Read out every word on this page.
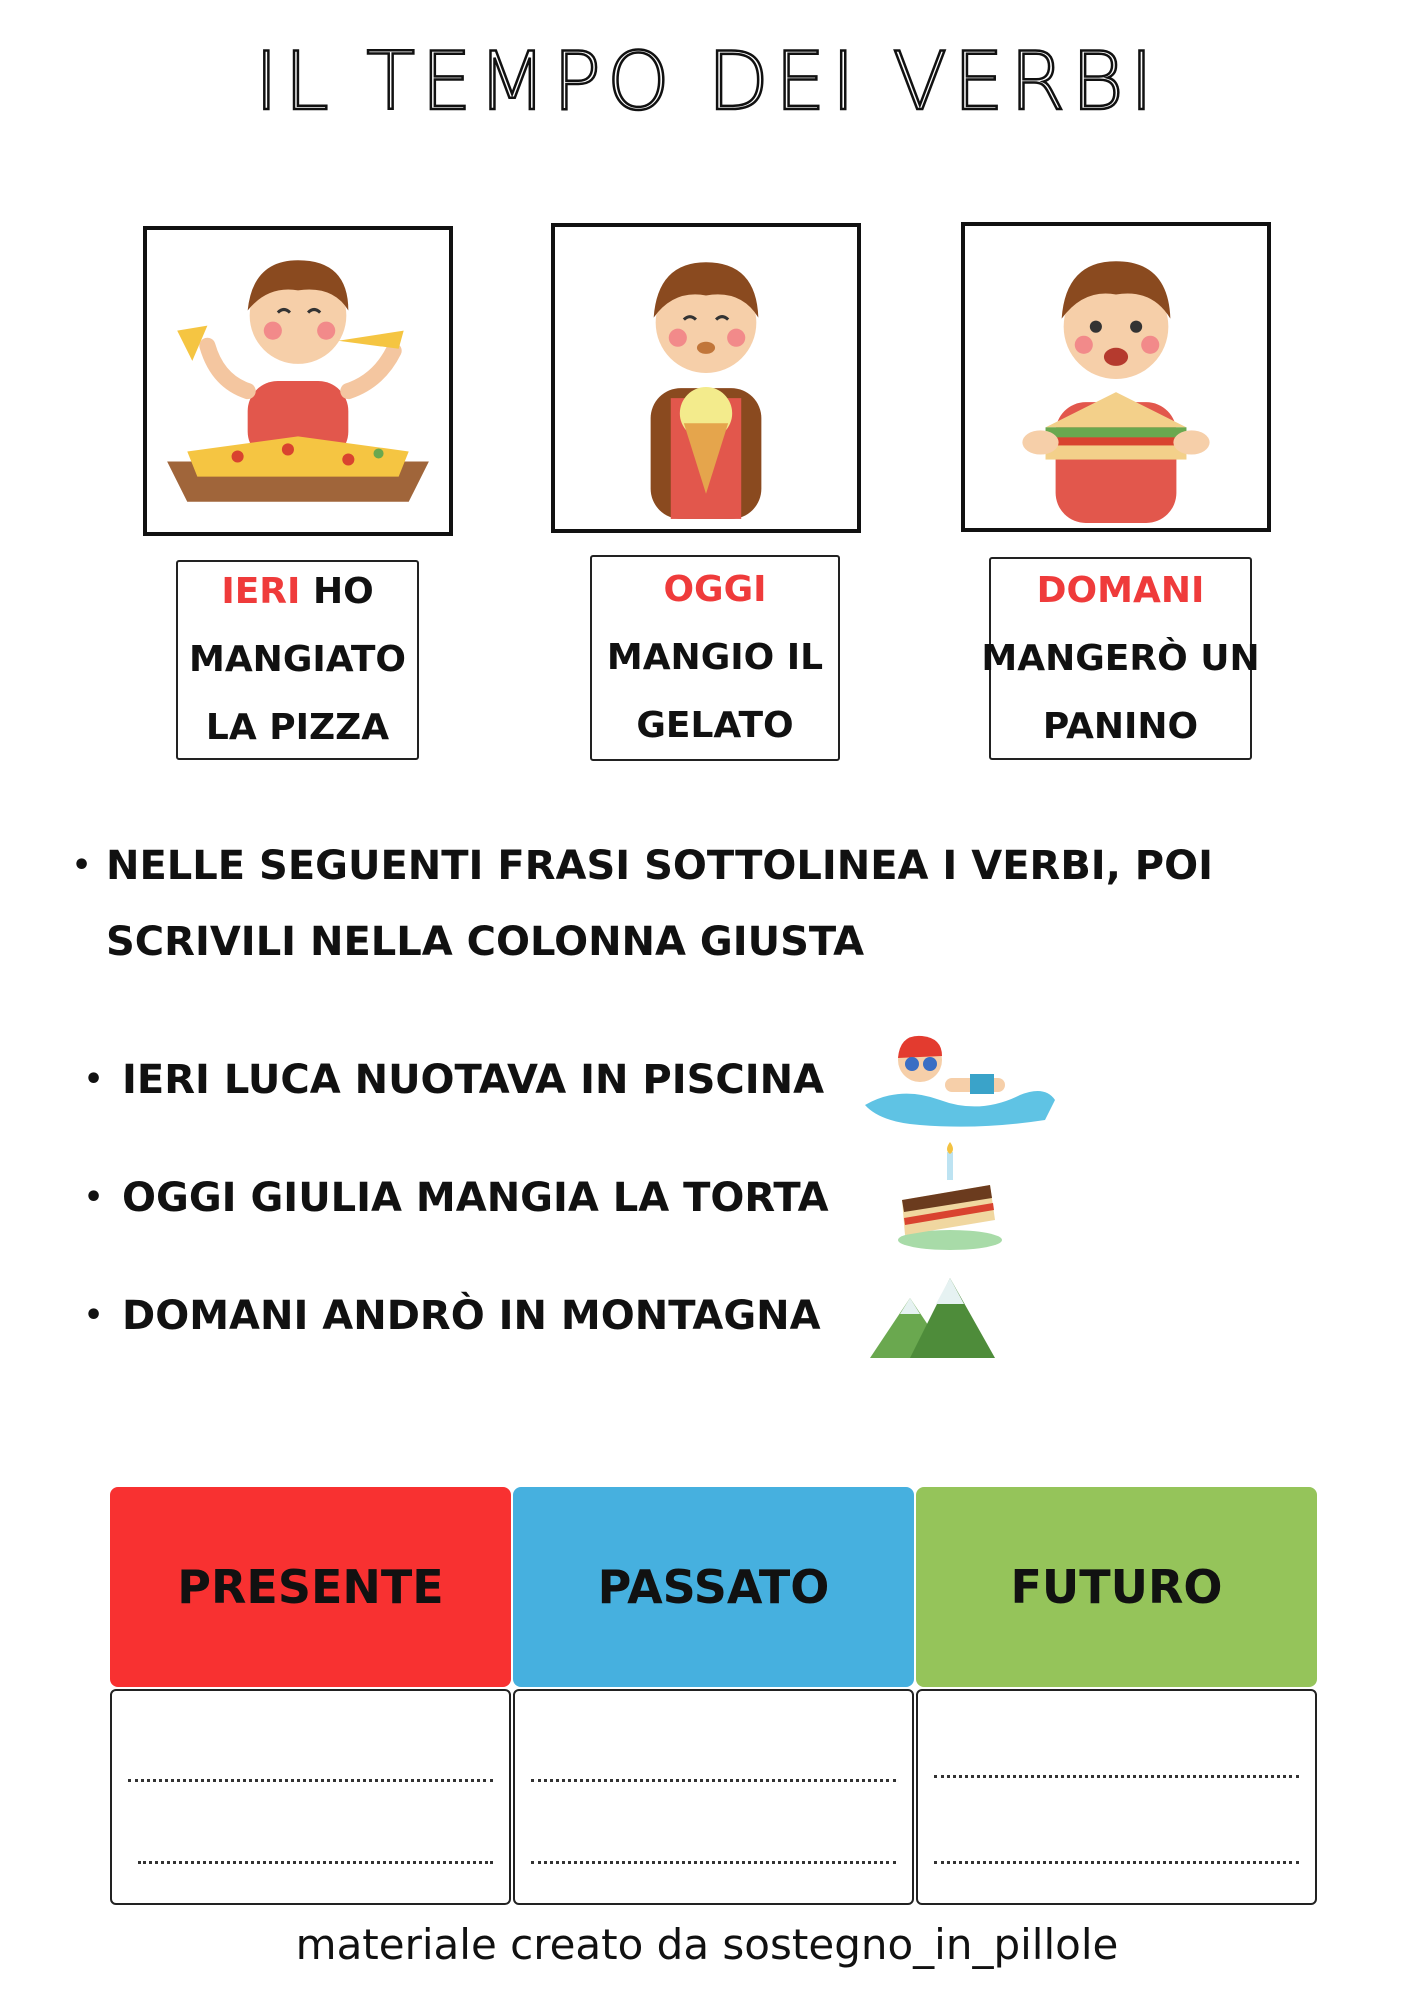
IL TEMPO DEI VERBI
IERI HO
MANGIATO
LA PIZZA
OGGI
MANGIO IL
GELATO
DOMANI
MANGERÒ UN
PANINO
• NELLE SEGUENTI FRASI SOTTOLINEA I VERBI, POI
SCRIVILI NELLA COLONNA GIUSTA
• IERI LUCA NUOTAVA IN PISCINA
• OGGI GIULIA MANGIA LA TORTA
• DOMANI ANDRÒ IN MONTAGNA
PRESENTE	PASSATO	FUTURO
materiale creato da sostegno_in_pillole
